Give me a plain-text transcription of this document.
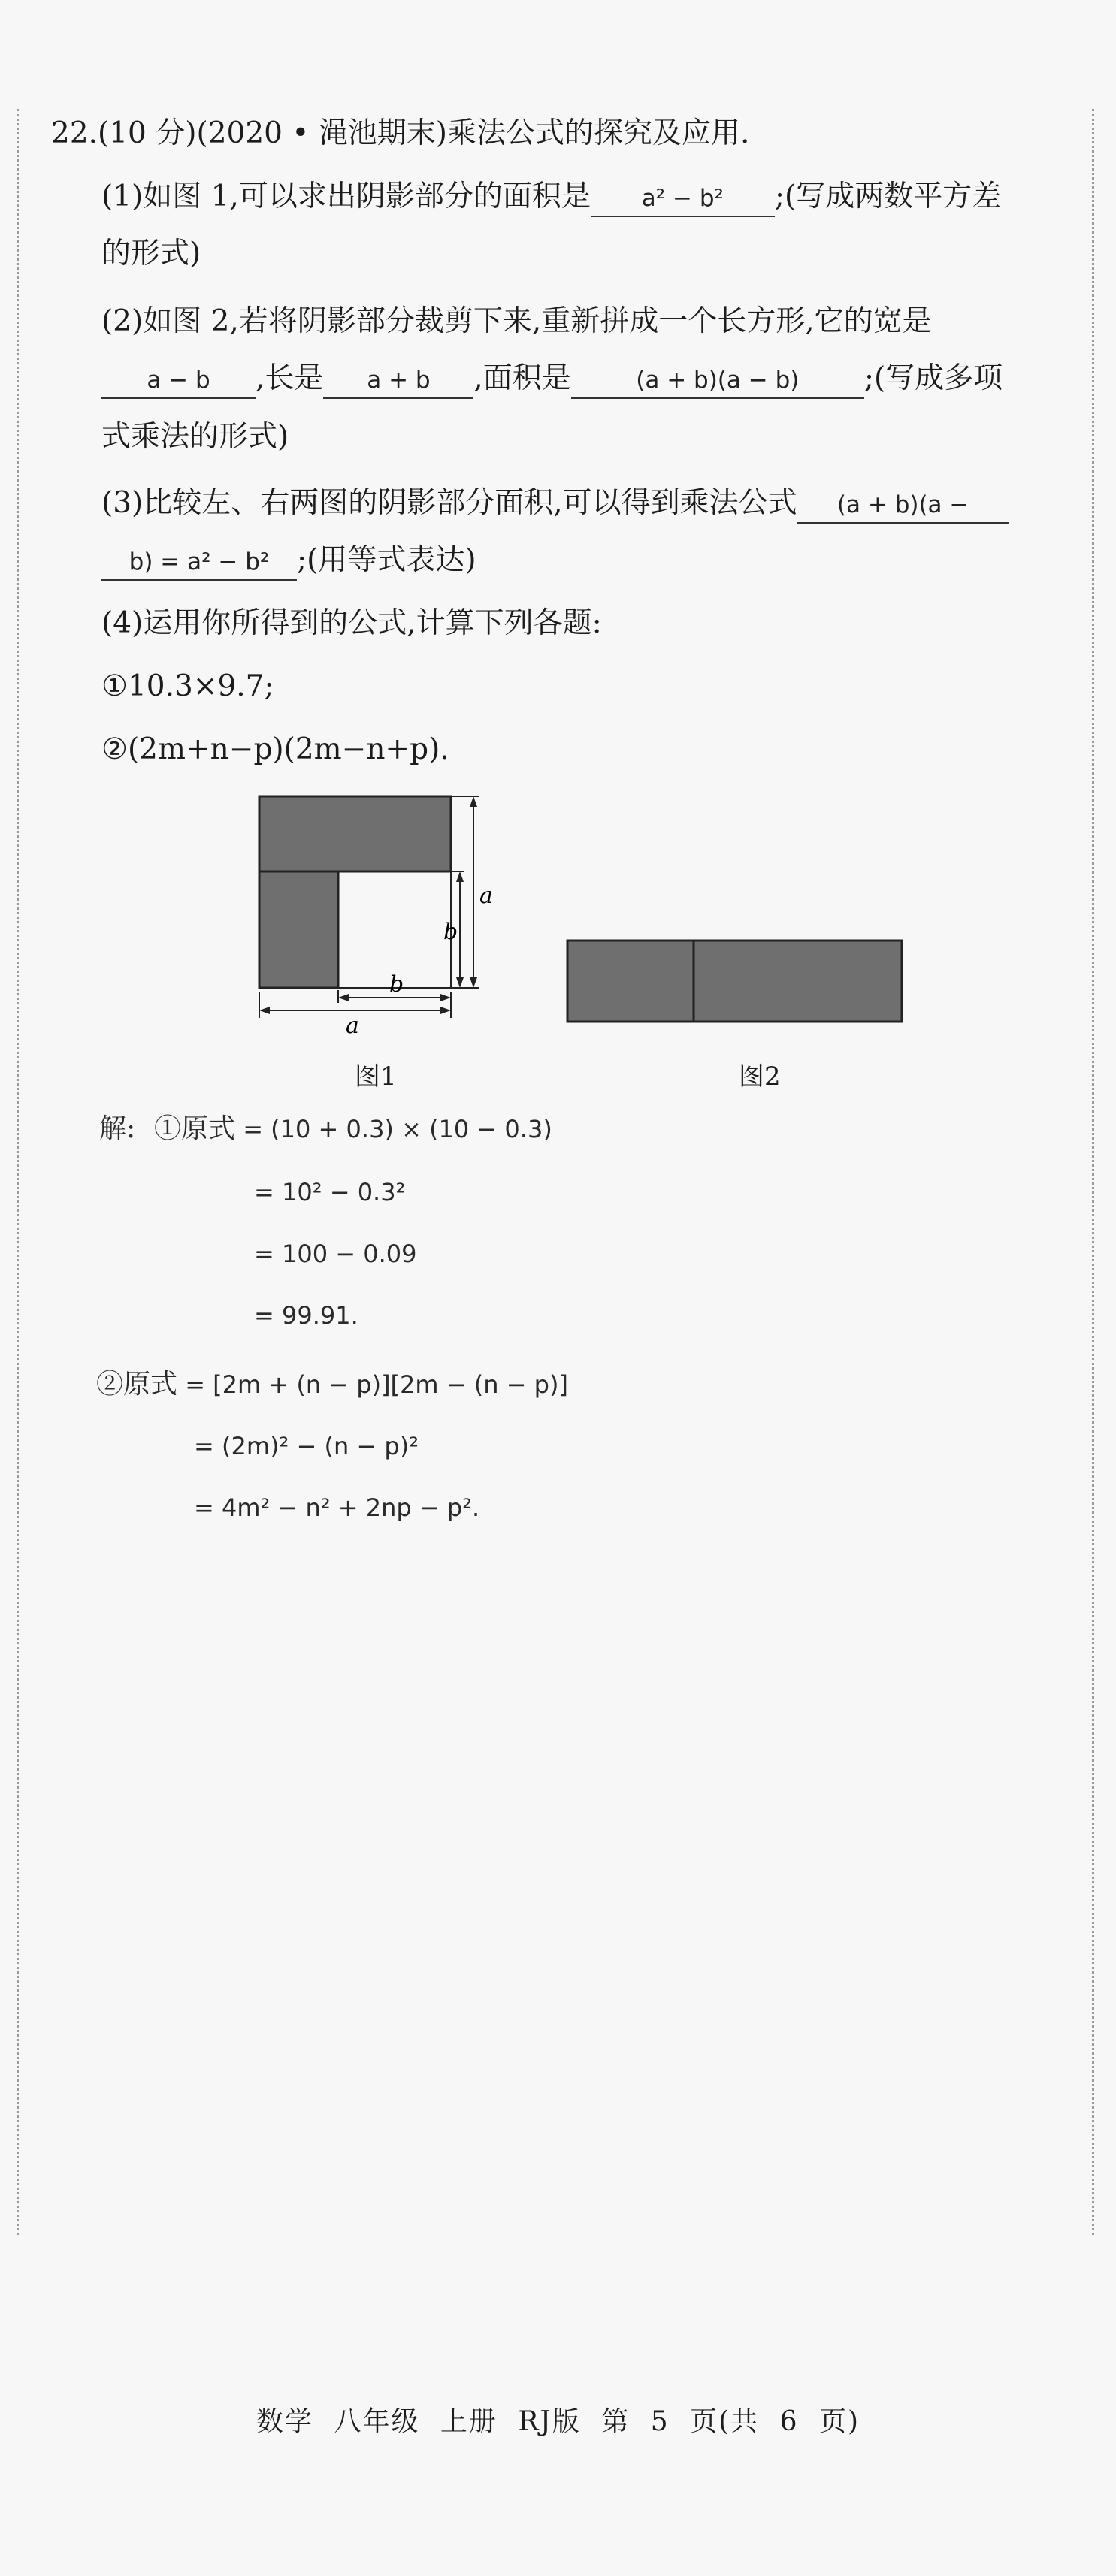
22.(10 分)(2020 • 渑池期末)乘法公式的探究及应用.
(1)如图 1,可以求出阴影部分的面积是 a² − b² ;(写成两数平方差
的形式)
(2)如图 2,若将阴影部分裁剪下来,重新拼成一个长方形,它的宽是
a − b ,长是 a + b ,面积是	(a + b)(a − b) ;(写成多项
式乘法的形式)
(3)比较左、右两图的阴影部分面积,可以得到乘法公式 (a + b)(a −
b) = a² − b² ;(用等式表达)
(4)运用你所得到的公式,计算下列各题:
①10.3×9.7;
②(2m+n−p)(2m−n+p).
a
b
b
a
图1	图2
解: ①原式 = (10 + 0.3) × (10 − 0.3)
= 10² − 0.3²
= 100 − 0.09
= 99.91.
②原式 = [2m + (n − p)][2m − (n − p)]
= (2m)² − (n − p)²
= 4m² − n² + 2np − p².
数学 八年级 上册 RJ版 第 5 页(共 6 页)
